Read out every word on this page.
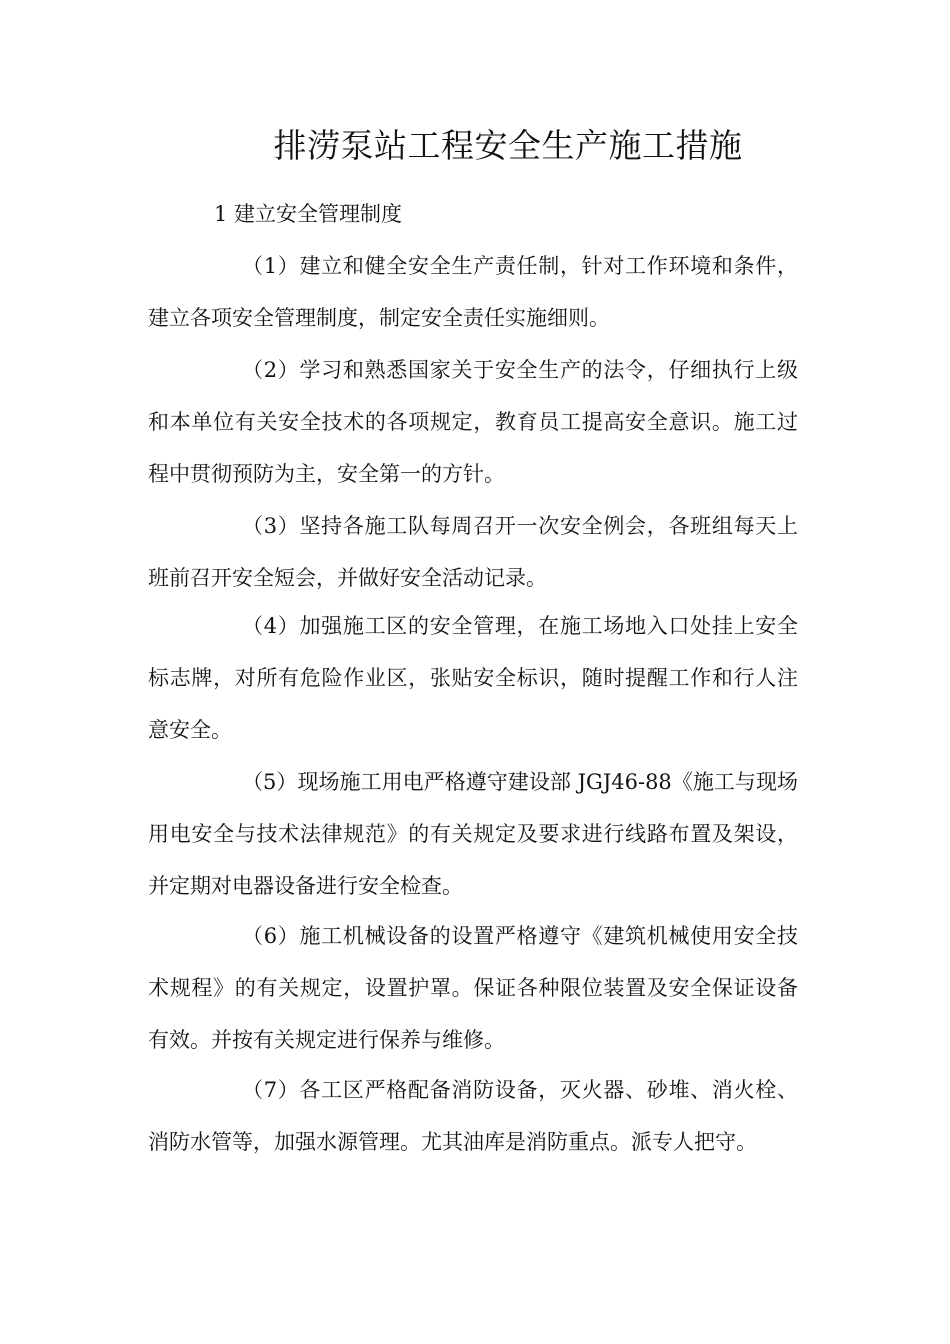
排涝泵站工程安全生产施工措施
1 建立安全管理制度

（1）建立和健全安全生产责任制，针对工作环境和条件，建立各项安全管理制度，制定安全责任实施细则。

（2）学习和熟悉国家关于安全生产的法令，仔细执行上级和本单位有关安全技术的各项规定，教育员工提高安全意识。施工过程中贯彻预防为主，安全第一的方针。

（3）坚持各施工队每周召开一次安全例会，各班组每天上班前召开安全短会，并做好安全活动记录。

（4）加强施工区的安全管理，在施工场地入口处挂上安全标志牌，对所有危险作业区，张贴安全标识，随时提醒工作和行人注意安全。

（5）现场施工用电严格遵守建设部 JGJ46-88《施工与现场用电安全与技术法律规范》的有关规定及要求进行线路布置及架设，并定期对电器设备进行安全检查。

（6）施工机械设备的设置严格遵守《建筑机械使用安全技术规程》的有关规定，设置护罩。保证各种限位装置及安全保证设备有效。并按有关规定进行保养与维修。

（7）各工区严格配备消防设备，灭火器、砂堆、消火栓、消防水管等，加强水源管理。尤其油库是消防重点。派专人把守。
